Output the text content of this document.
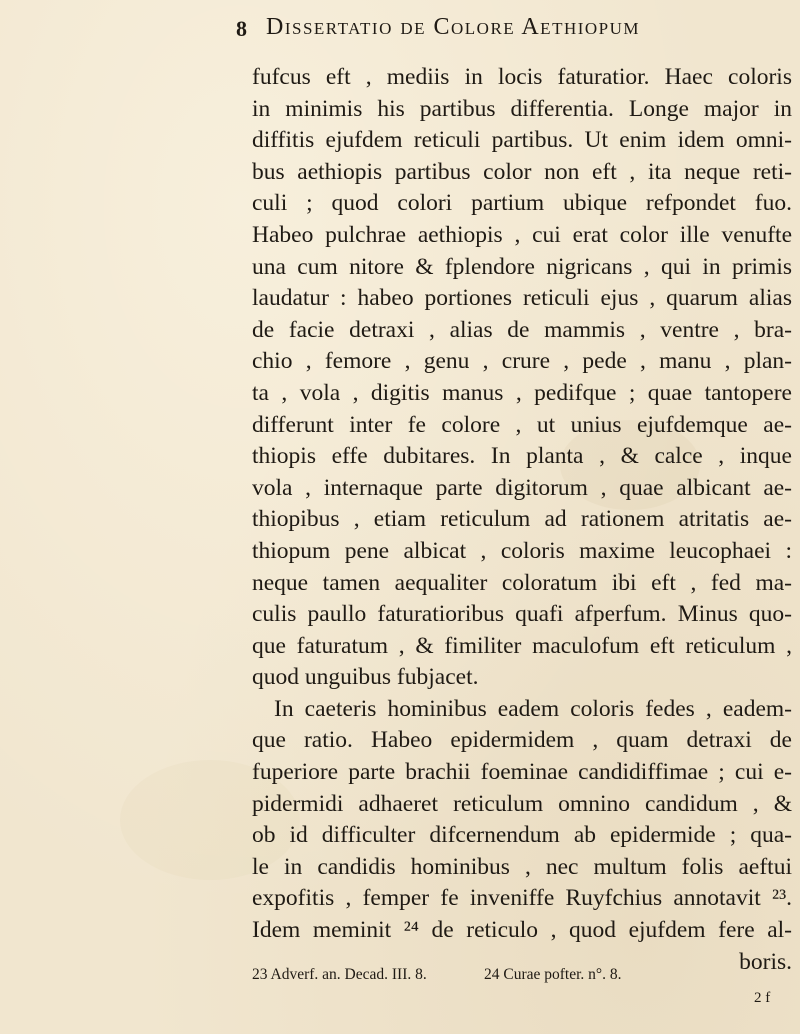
8 Dissertatio de Colore Aethiopum
fufcus eft , mediis in locis faturatior. Haec coloris
in minimis his partibus differentia. Longe major in
diffitis ejufdem reticuli partibus. Ut enim idem omni-
bus aethiopis partibus color non eft , ita neque reti-
culi ; quod colori partium ubique refpondet fuo.
Habeo pulchrae aethiopis , cui erat color ille venufte
una cum nitore & fplendore nigricans , qui in primis
laudatur : habeo portiones reticuli ejus , quarum alias
de facie detraxi , alias de mammis , ventre , bra-
chio , femore , genu , crure , pede , manu , plan-
ta , vola , digitis manus , pedifque ; quae tantopere
differunt inter fe colore , ut unius ejufdemque ae-
thiopis effe dubitares. In planta , & calce , inque
vola , internaque parte digitorum , quae albicant ae-
thiopibus , etiam reticulum ad rationem atritatis ae-
thiopum pene albicat , coloris maxime leucophaei :
neque tamen aequaliter coloratum ibi eft , fed ma-
culis paullo faturatioribus quafi afperfum. Minus quo-
que faturatum , & fimiliter maculofum eft reticulum ,
quod unguibus fubjacet.
In caeteris hominibus eadem coloris fedes , eadem-
que ratio. Habeo epidermidem , quam detraxi de
fuperiore parte brachii foeminae candidiffimae ; cui e-
pidermidi adhaeret reticulum omnino candidum , &
ob id difficulter difcernendum ab epidermide ; qua-
le in candidis hominibus , nec multum folis aeftui
expofitis , femper fe inveniffe Ruyfchius annotavit ²³.
Idem meminit ²⁴ de reticulo , quod ejufdem fere al-
boris.
23 Adverf. an. Decad. III. 8.	24 Curae pofter. n°. 8.
2 f
